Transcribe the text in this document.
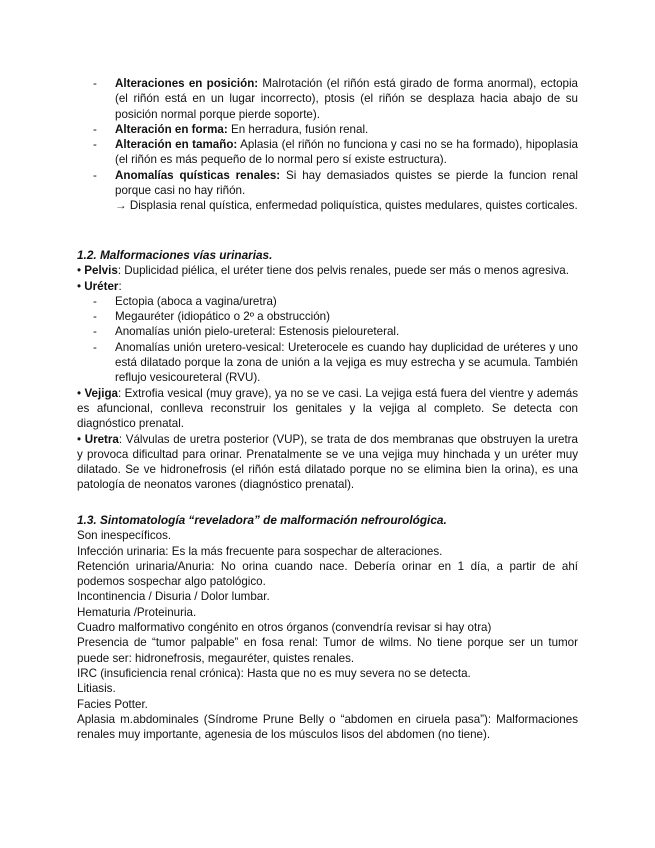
- Alteraciones en posición: Malrotación (el riñón está girado de forma anormal), ectopia (el riñón está en un lugar incorrecto), ptosis (el riñón se desplaza hacia abajo de su posición normal porque pierde soporte).

- Alteración en forma: En herradura, fusión renal.

- Alteración en tamaño: Aplasia (el riñón no funciona y casi no se ha formado), hipoplasia (el riñón es más pequeño de lo normal pero sí existe estructura).

- Anomalías quísticas renales: Si hay demasiados quistes se pierde la funcion renal porque casi no hay riñón.

→ Displasia renal quística, enfermedad poliquística, quistes medulares, quistes corticales.

1.2. Malformaciones vías urinarias.

• Pelvis: Duplicidad piélica, el uréter tiene dos pelvis renales, puede ser más o menos agresiva.

• Uréter:

- Ectopia (aboca a vagina/uretra)

- Megauréter (idiopático o 2º a obstrucción)

- Anomalías unión pielo-ureteral: Estenosis pieloureteral.

- Anomalías unión uretero-vesical: Ureterocele es cuando hay duplicidad de uréteres y uno está dilatado porque la zona de unión a la vejiga es muy estrecha y se acumula. También reflujo vesicoureteral (RVU).

• Vejiga: Extrofia vesical (muy grave), ya no se ve casi. La vejiga está fuera del vientre y además es afuncional, conlleva reconstruir los genitales y la vejiga al completo. Se detecta con diagnóstico prenatal.

• Uretra: Válvulas de uretra posterior (VUP), se trata de dos membranas que obstruyen la uretra y provoca dificultad para orinar. Prenatalmente se ve una vejiga muy hinchada y un uréter muy dilatado. Se ve hidronefrosis (el riñón está dilatado porque no se elimina bien la orina), es una patología de neonatos varones (diagnóstico prenatal).

1.3. Sintomatología “reveladora” de malformación nefrourológica.

Son inespecíficos.

Infección urinaria: Es la más frecuente para sospechar de alteraciones.

Retención urinaria/Anuria: No orina cuando nace. Debería orinar en 1 día, a partir de ahí podemos sospechar algo patológico.

Incontinencia / Disuria / Dolor lumbar.

Hematuria /Proteinuria.

Cuadro malformativo congénito en otros órganos (convendría revisar si hay otra)

Presencia de “tumor palpable” en fosa renal: Tumor de wilms. No tiene porque ser un tumor puede ser: hidronefrosis, megauréter, quistes renales.

IRC (insuficiencia renal crónica): Hasta que no es muy severa no se detecta.

Litiasis.

Facies Potter.

Aplasia m.abdominales (Síndrome Prune Belly o “abdomen en ciruela pasa”): Malformaciones renales muy importante, agenesia de los músculos lisos del abdomen (no tiene).
